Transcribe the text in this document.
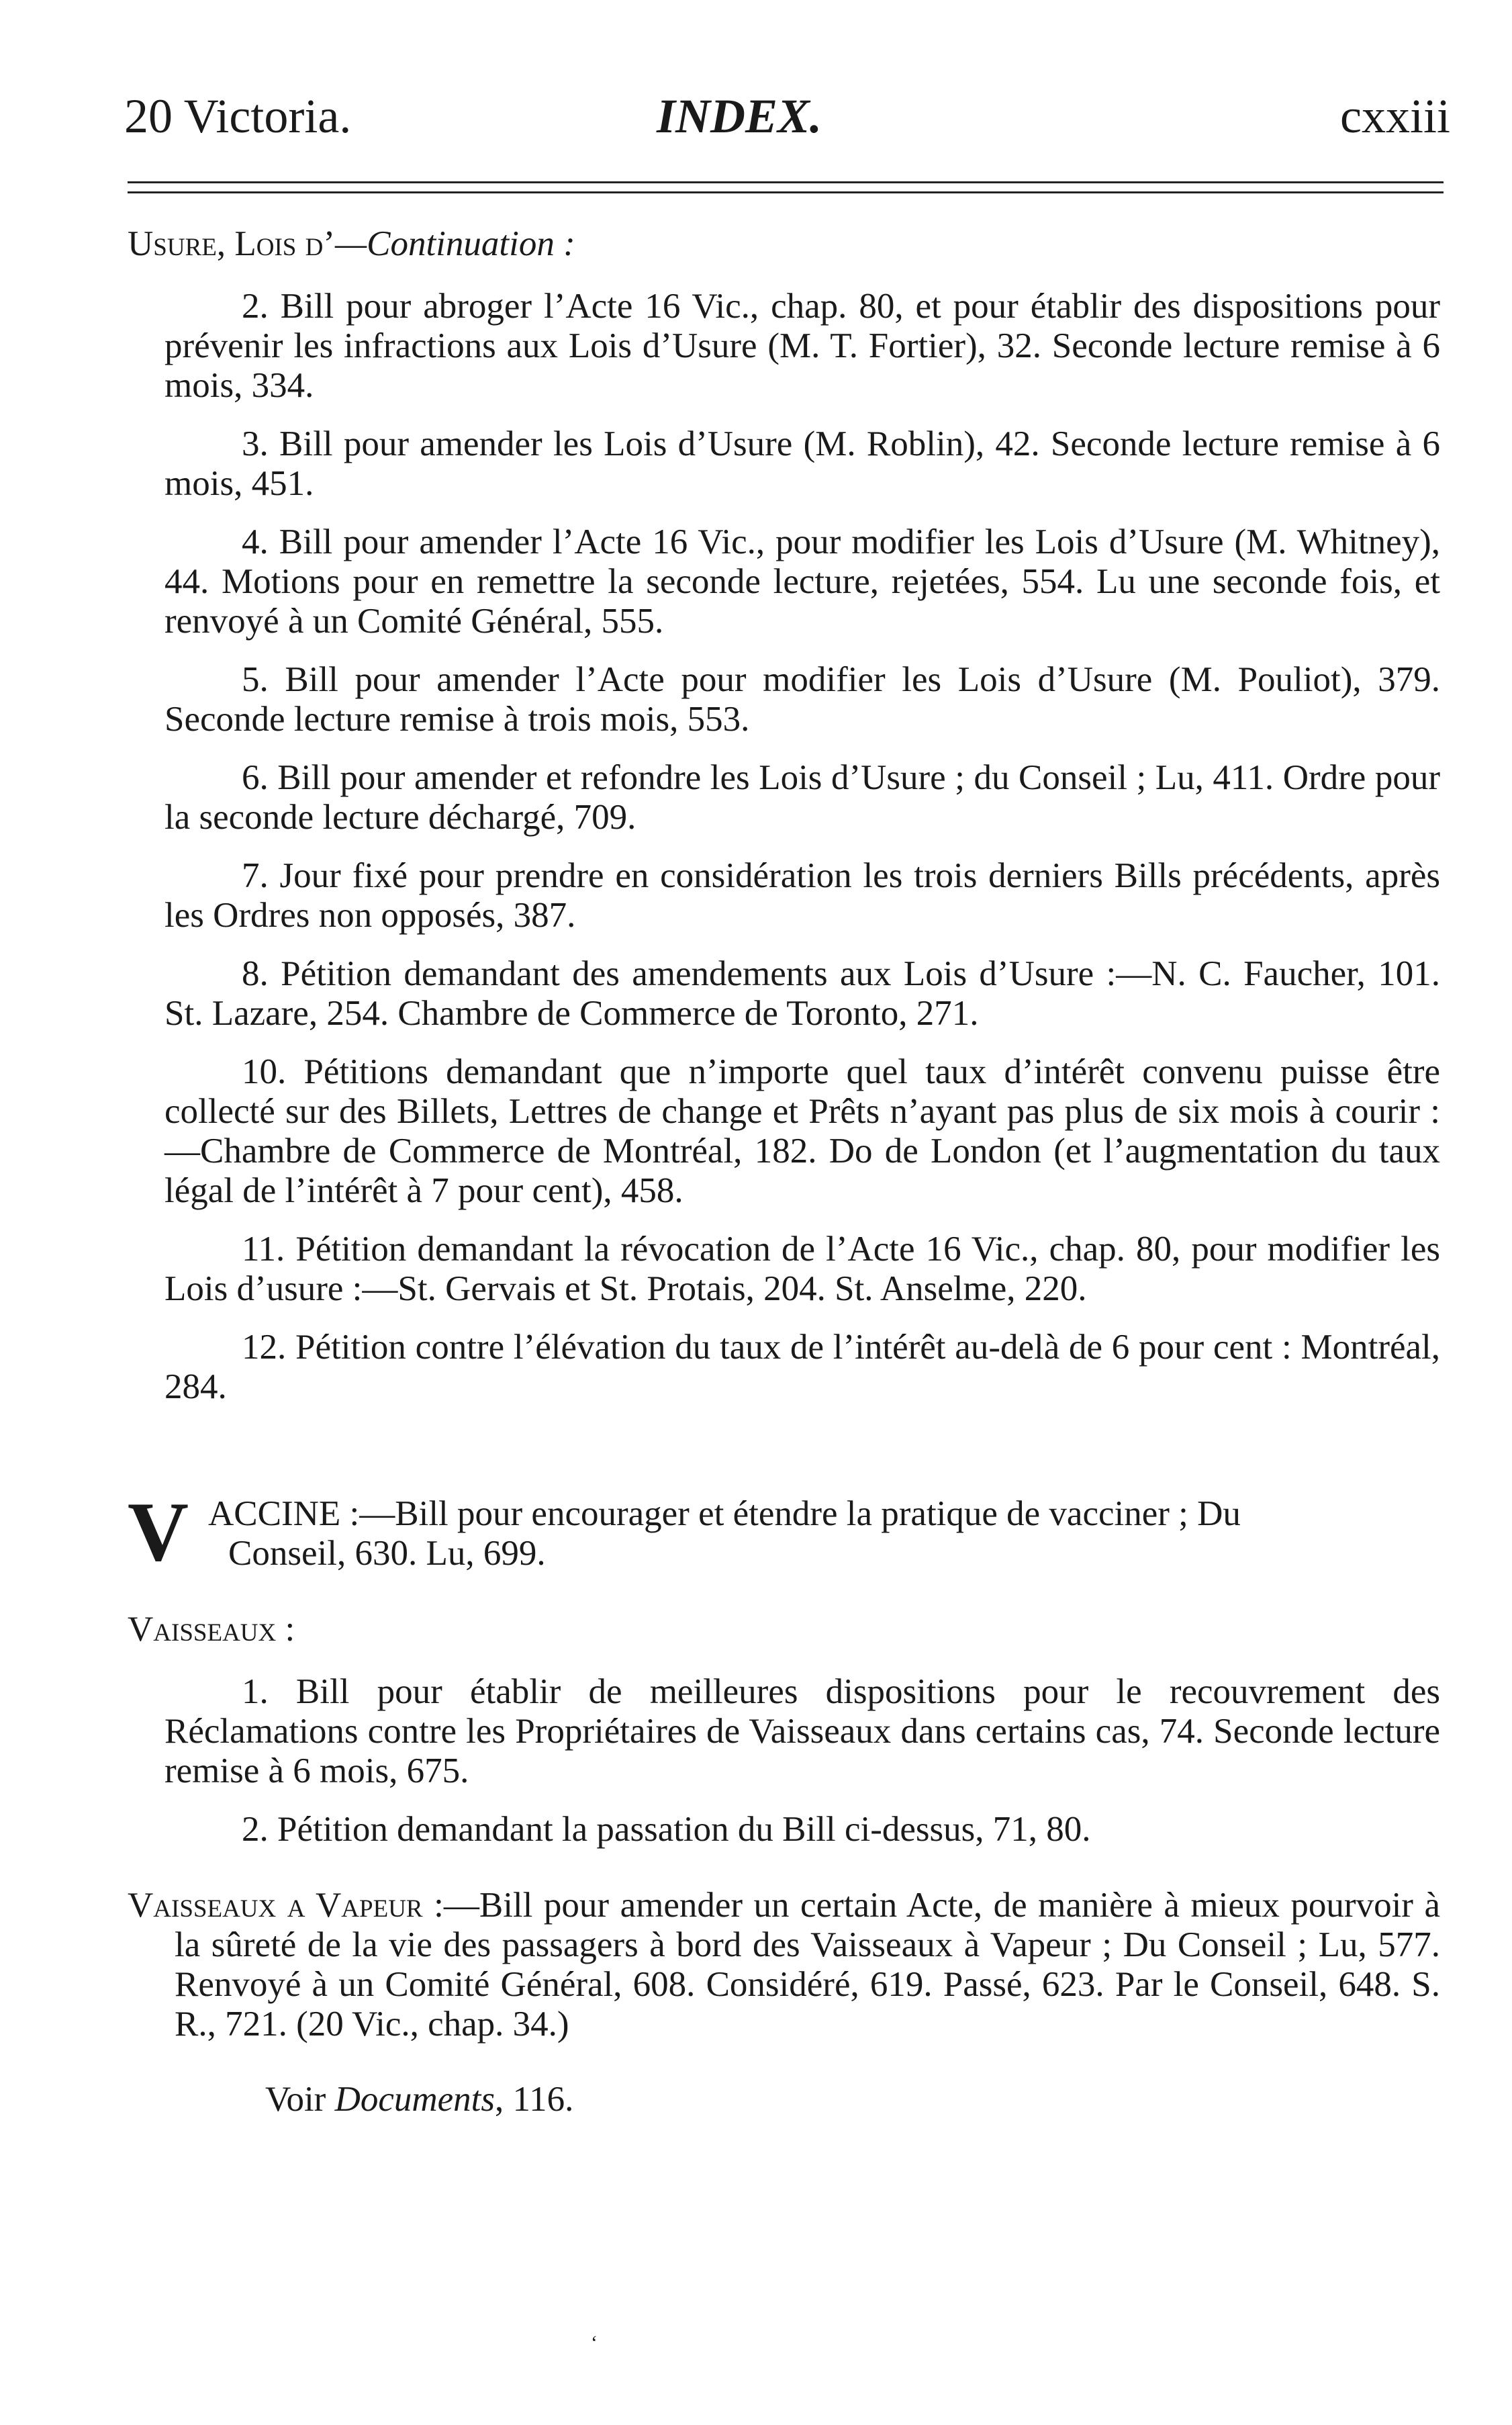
20 Victoria.	INDEX.	cxxiii
Usure, Lois d’—Continuation :

2. Bill pour abroger l’Acte 16 Vic., chap. 80, et pour établir des dispositions pour prévenir les infractions aux Lois d’Usure (M. T. Fortier), 32. Seconde lecture remise à 6 mois, 334.

3. Bill pour amender les Lois d’Usure (M. Roblin), 42. Seconde lecture remise à 6 mois, 451.

4. Bill pour amender l’Acte 16 Vic., pour modifier les Lois d’Usure (M. Whitney), 44. Motions pour en remettre la seconde lecture, rejetées, 554. Lu une seconde fois, et renvoyé à un Comité Général, 555.

5. Bill pour amender l’Acte pour modifier les Lois d’Usure (M. Pouliot), 379. Seconde lecture remise à trois mois, 553.

6. Bill pour amender et refondre les Lois d’Usure ; du Conseil ; Lu, 411. Ordre pour la seconde lecture déchargé, 709.

7. Jour fixé pour prendre en considération les trois derniers Bills précédents, après les Ordres non opposés, 387.

8. Pétition demandant des amendements aux Lois d’Usure :—N. C. Faucher, 101. St. Lazare, 254. Chambre de Commerce de Toronto, 271.

10. Pétitions demandant que n’importe quel taux d’intérêt convenu puisse être collecté sur des Billets, Lettres de change et Prêts n’ayant pas plus de six mois à courir :—Chambre de Commerce de Montréal, 182. Do de London (et l’augmentation du taux légal de l’intérêt à 7 pour cent), 458.

11. Pétition demandant la révocation de l’Acte 16 Vic., chap. 80, pour modifier les Lois d’usure :—St. Gervais et St. Protais, 204. St. Anselme, 220.

12. Pétition contre l’élévation du taux de l’intérêt au-delà de 6 pour cent : Montréal, 284.

V ACCINE :—Bill pour encourager et étendre la pratique de vacciner ; Du
Conseil, 630. Lu, 699.
Vaisseaux :

1. Bill pour établir de meilleures dispositions pour le recouvrement des Réclamations contre les Propriétaires de Vaisseaux dans certains cas, 74. Seconde lecture remise à 6 mois, 675.

2. Pétition demandant la passation du Bill ci-dessus, 71, 80.

Vaisseaux a Vapeur :—Bill pour amender un certain Acte, de manière à mieux pourvoir à la sûreté de la vie des passagers à bord des Vaisseaux à Vapeur ; Du Conseil ; Lu, 577. Renvoyé à un Comité Général, 608. Considéré, 619. Passé, 623. Par le Conseil, 648. S. R., 721. (20 Vic., chap. 34.)

Voir Documents, 116.
‘
